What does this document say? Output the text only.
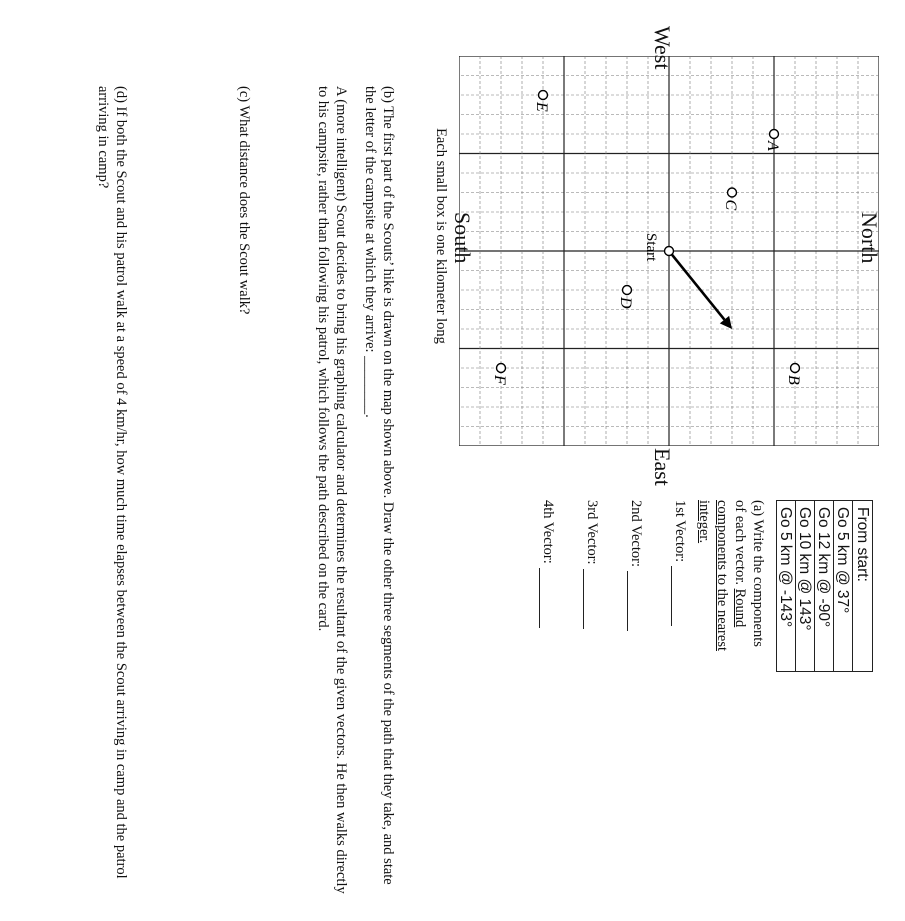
North
South
East
West
Start
A
B
C
D
E
F
Each small box is one kilometer long
From start:
Go 5 km @ 37°
Go 12 km @ -90°
Go 10 km @ 143°
Go 5 km @ -143°
(a) Write the components of each vector. Round components to the nearest integer.
1st Vector:
2nd Vector:
3rd Vector:
4th Vector:
(b) The first part of the Scouts’ hike is drawn on the map shown above. Draw the other three segments of the path that they take, and state the letter of the campsite at which they arrive: ________.
A (more intelligent) Scout decides to bring his graphing calculator and determines the resultant of the given vectors. He then walks directly to his campsite, rather than following his patrol, which follows the path described on the card.
(c) What distance does the Scout walk?
(d) If both the Scout and his patrol walk at a speed of 4 km/hr, how much time elapses between the Scout arriving in camp and the patrol arriving in camp?
